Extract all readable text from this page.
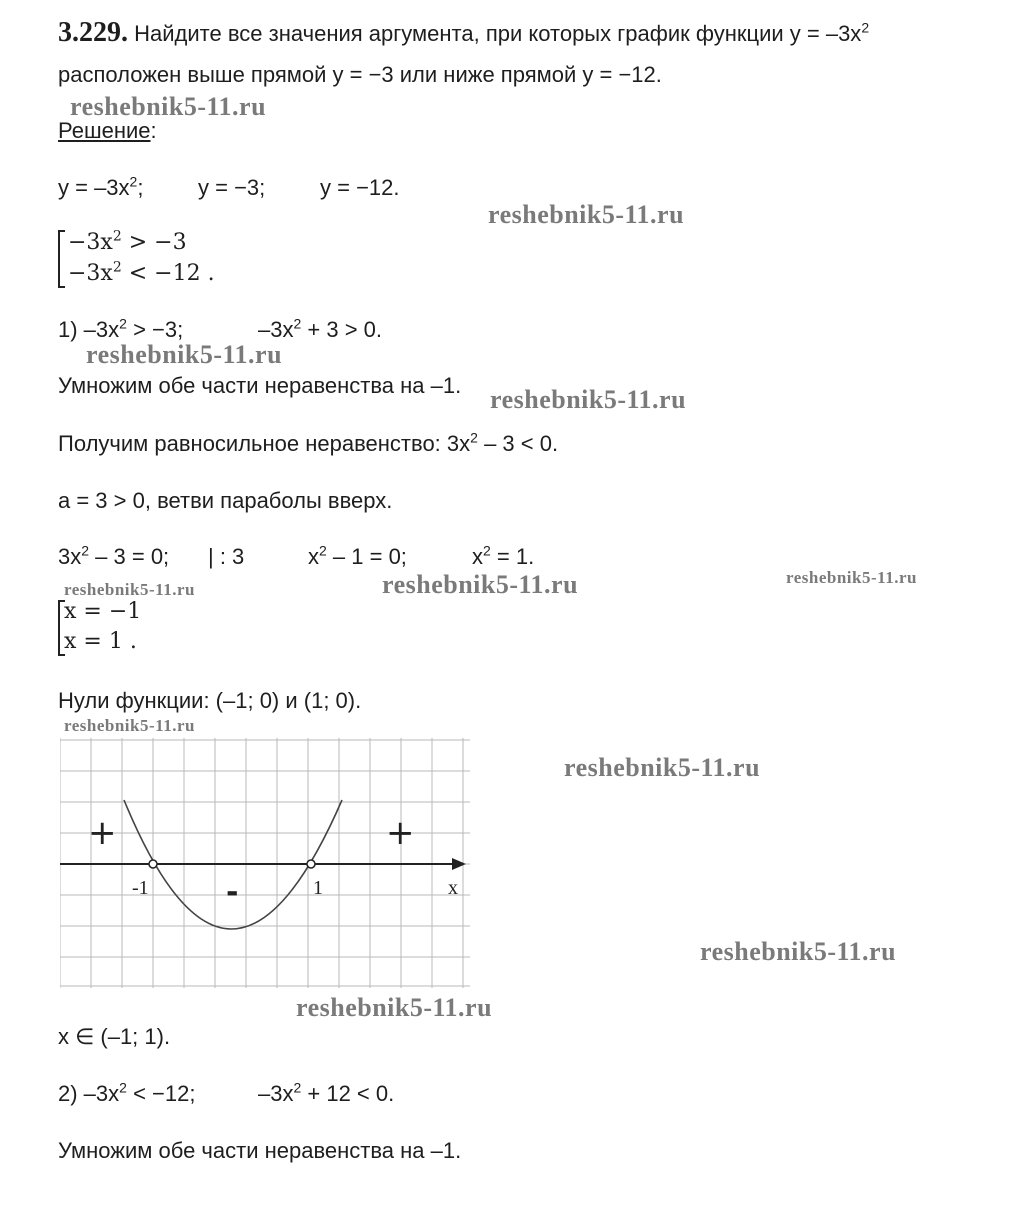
3.229. Найдите все значения аргумента, при которых график функции $y = -3x^2$
расположен выше прямой y = −3 или ниже прямой y = −12.
Решение:
$y = -3x^2$; y = −3; y = −12.
$-3x^2 > -3$
$-3x^2 < -12$ .
1) $-3x^2 > -3$;	$-3x^2 + 3 > 0$.
Умножим обе части неравенства на –1.
Получим равносильное неравенство: $3x^2 - 3 < 0$.
a = 3 > 0, ветви параболы вверх.
$3x^2 - 3 = 0$; | : 3	$x^2 - 1 = 0$;	$x^2 = 1$.
x = −1
x = 1 .
Нули функции: (–1; 0) и (1; 0).
+	+
-
-1	1	x
x ∈ (–1; 1).
2) $-3x^2 < -12$;	$-3x^2 + 12 < 0$.
Умножим обе части неравенства на –1.
reshebnik5-11.ru
reshebnik5-11.ru
reshebnik5-11.ru
reshebnik5-11.ru
reshebnik5-11.ru	reshebnik5-11.ru	reshebnik5-11.ru
reshebnik5-11.ru
reshebnik5-11.ru
reshebnik5-11.ru
reshebnik5-11.ru
